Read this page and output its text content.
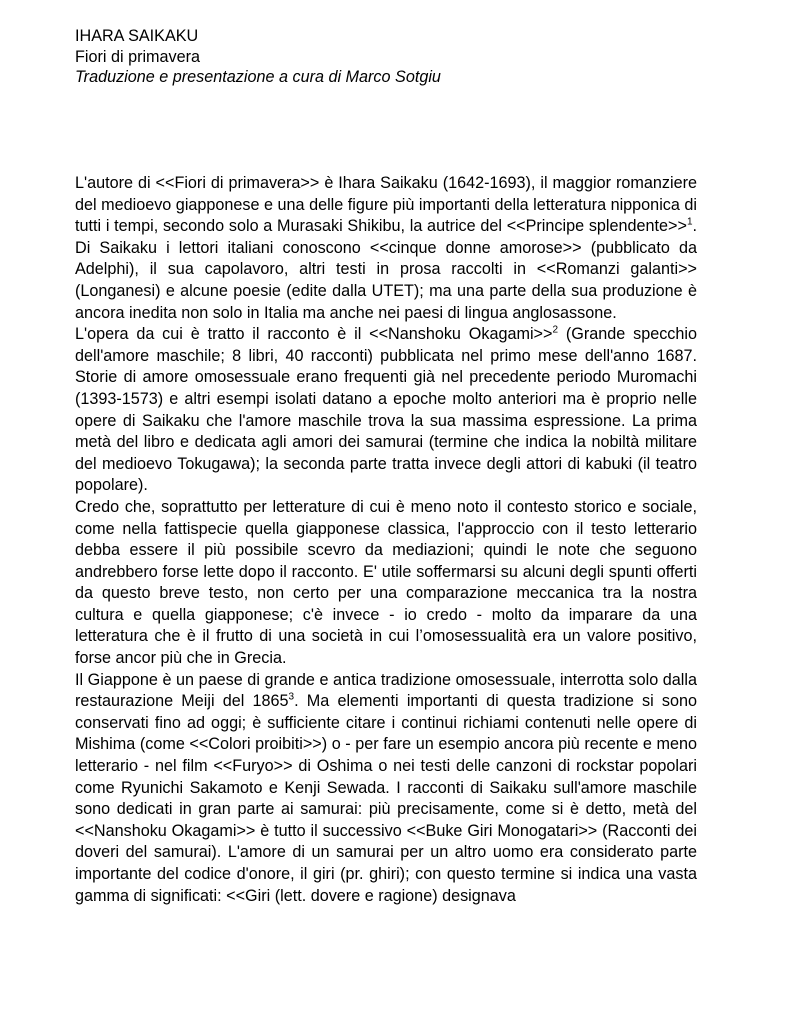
IHARA SAIKAKU

Fiori di primavera

Traduzione e presentazione a cura di Marco Sotgiu

L'autore di <<Fiori di primavera>> è Ihara Saikaku (1642-1693), il maggior romanziere del medioevo giapponese e una delle figure più importanti della letteratura nipponica di tutti i tempi, secondo solo a Murasaki Shikibu, la autrice del <<Principe splendente>>$^1$. Di Saikaku i lettori italiani conoscono <<cinque donne amorose>> (pubblicato da Adelphi), il sua capolavoro, altri testi in prosa raccolti in <<Romanzi galanti>> (Longanesi) e alcune poesie (edite dalla UTET); ma una parte della sua produzione è ancora inedita non solo in Italia ma anche nei paesi di lingua anglosassone.

L'opera da cui è tratto il racconto è il <<Nanshoku Okagami>>$^2$ (Grande specchio dell'amore maschile; 8 libri, 40 racconti) pubblicata nel primo mese dell'anno 1687. Storie di amore omosessuale erano frequenti già nel precedente periodo Muromachi (1393-1573) e altri esempi isolati datano a epoche molto anteriori ma è proprio nelle opere di Saikaku che l'amore maschile trova la sua massima espressione. La prima metà del libro e dedicata agli amori dei samurai (termine che indica la nobiltà militare del medioevo Tokugawa); la seconda parte tratta invece degli attori di kabuki (il teatro popolare).

Credo che, soprattutto per letterature di cui è meno noto il contesto storico e sociale, come nella fattispecie quella giapponese classica, l'approccio con il testo letterario debba essere il più possibile scevro da mediazioni; quindi le note che seguono andrebbero forse lette dopo il racconto. E' utile soffermarsi su alcuni degli spunti offerti da questo breve testo, non certo per una comparazione meccanica tra la nostra cultura e quella giapponese; c'è invece - io credo - molto da imparare da una letteratura che è il frutto di una società in cui l’omosessualità era un valore positivo, forse ancor più che in Grecia.

Il Giappone è un paese di grande e antica tradizione omosessuale, interrotta solo dalla restaurazione Meiji del 1865$^3$. Ma elementi importanti di questa tradizione si sono conservati fino ad oggi; è sufficiente citare i continui richiami contenuti nelle opere di Mishima (come <<Colori proibiti>>) o - per fare un esempio ancora più recente e meno letterario - nel film <<Furyo>> di Oshima o nei testi delle canzoni di rockstar popolari come Ryunichi Sakamoto e Kenji Sewada. I racconti di Saikaku sull'amore maschile sono dedicati in gran parte ai samurai: più precisamente, come si è detto, metà del <<Nanshoku Okagami>> è tutto il successivo <<Buke Giri Monogatari>> (Racconti dei doveri del samurai). L'amore di un samurai per un altro uomo era considerato parte importante del codice d'onore, il giri (pr. ghiri); con questo termine si indica una vasta gamma di significati: <<Giri (lett. dovere e ragione) designava
